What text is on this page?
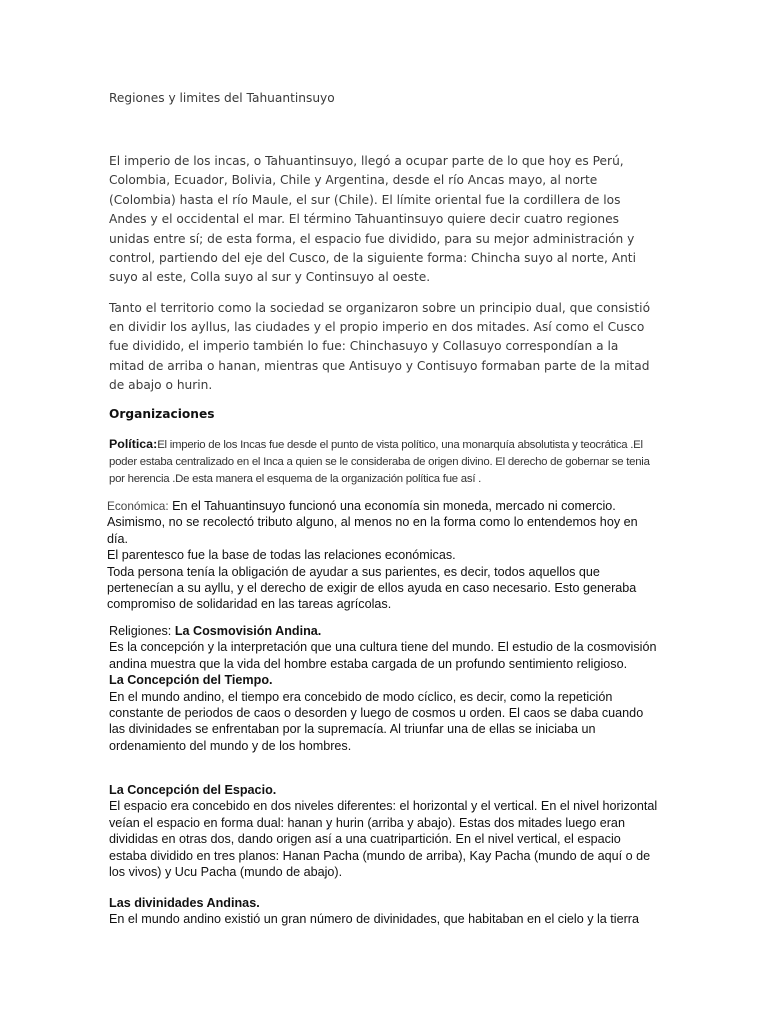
Regiones y limites del Tahuantinsuyo
El imperio de los incas, o Tahuantinsuyo, llegó a ocupar parte de lo que hoy es Perú, Colombia, Ecuador, Bolivia, Chile y Argentina, desde el río Ancas mayo, al norte (Colombia) hasta el río Maule, el sur (Chile). El límite oriental fue la cordillera de los Andes y el occidental el mar. El término Tahuantinsuyo quiere decir cuatro regiones unidas entre sí; de esta forma, el espacio fue dividido, para su mejor administración y control, partiendo del eje del Cusco, de la siguiente forma: Chincha suyo al norte, Anti suyo al este, Colla suyo al sur y Continsuyo al oeste.
Tanto el territorio como la sociedad se organizaron sobre un principio dual, que consistió en dividir los ayllus, las ciudades y el propio imperio en dos mitades. Así como el Cusco fue dividido, el imperio también lo fue: Chinchasuyo y Collasuyo correspondían a la mitad de arriba o hanan, mientras que Antisuyo y Contisuyo formaban parte de la mitad de abajo o hurin.
Organizaciones
Política:El imperio de los Incas fue desde el punto de vista político, una monarquía absolutista y teocrática .El poder estaba centralizado en el Inca a quien se le consideraba de origen divino. El derecho de gobernar se tenia por herencia .De esta manera el esquema de la organización política fue así .
Económica: En el Tahuantinsuyo funcionó una economía sin moneda, mercado ni comercio. Asimismo, no se recolectó tributo alguno, al menos no en la forma como lo entendemos hoy en día.
El parentesco fue la base de todas las relaciones económicas.
Toda persona tenía la obligación de ayudar a sus parientes, es decir, todos aquellos que pertenecían a su ayllu, y el derecho de exigir de ellos ayuda en caso necesario. Esto generaba compromiso de solidaridad en las tareas agrícolas.
Religiones: La Cosmovisión Andina.
Es la concepción y la interpretación que una cultura tiene del mundo. El estudio de la cosmovisión andina muestra que la vida del hombre estaba cargada de un profundo sentimiento religioso.
La Concepción del Tiempo.
En el mundo andino, el tiempo era concebido de modo cíclico, es decir, como la repetición constante de periodos de caos o desorden y luego de cosmos u orden. El caos se daba cuando las divinidades se enfrentaban por la supremacía. Al triunfar una de ellas se iniciaba un ordenamiento del mundo y de los hombres.
La Concepción del Espacio.
El espacio era concebido en dos niveles diferentes: el horizontal y el vertical. En el nivel horizontal veían el espacio en forma dual: hanan y hurin (arriba y abajo). Estas dos mitades luego eran divididas en otras dos, dando origen así a una cuatripartición. En el nivel vertical, el espacio estaba dividido en tres planos: Hanan Pacha (mundo de arriba), Kay Pacha (mundo de aquí o de los vivos) y Ucu Pacha (mundo de abajo).
Las divinidades Andinas.
En el mundo andino existió un gran número de divinidades, que habitaban en el cielo y la tierra
